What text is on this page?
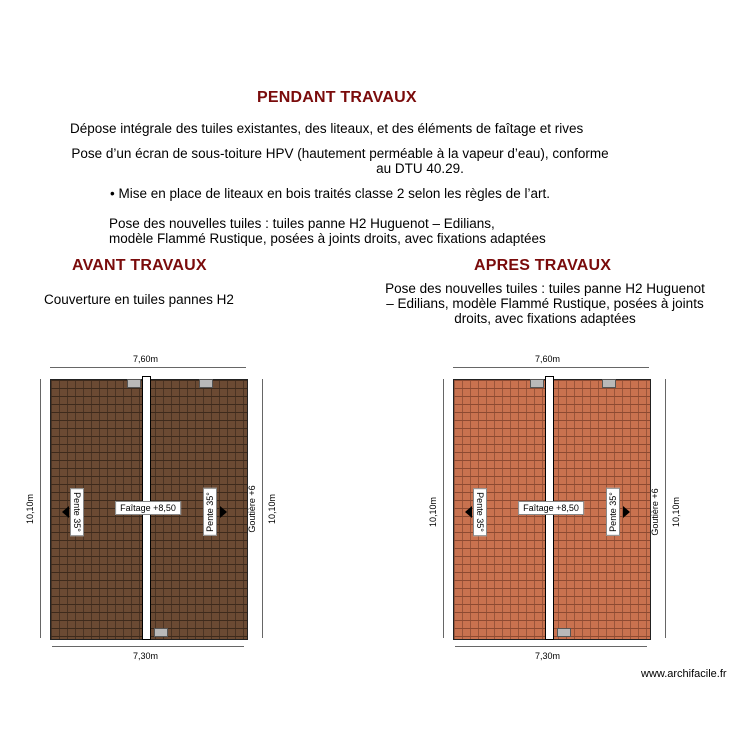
PENDANT TRAVAUX
Dépose intégrale des tuiles existantes, des liteaux, et des éléments de faîtage et rives
Pose d’un écran de sous-toiture HPV (hautement perméable à la vapeur d’eau), conforme
au DTU 40.29.
• Mise en place de liteaux en bois traités classe 2 selon les règles de l’art.
Pose des nouvelles tuiles : tuiles panne H2 Huguenot – Edilians,
modèle Flammé Rustique, posées à joints droits, avec fixations adaptées
AVANT TRAVAUX
Couverture en tuiles pannes H2
APRES TRAVAUX
Pose des nouvelles tuiles : tuiles panne H2 Huguenot
– Edilians, modèle Flammé Rustique, posées à joints
droits, avec fixations adaptées
7,60m
10,10m	10,10m
Goutière +6
Pente 35°	Pente 35°
Faîtage +8,50
7,30m
7,60m
10,10m	10,10m
Goutière +6
Pente 35°	Pente 35°
Faîtage +8,50
7,30m
www.archifacile.fr
